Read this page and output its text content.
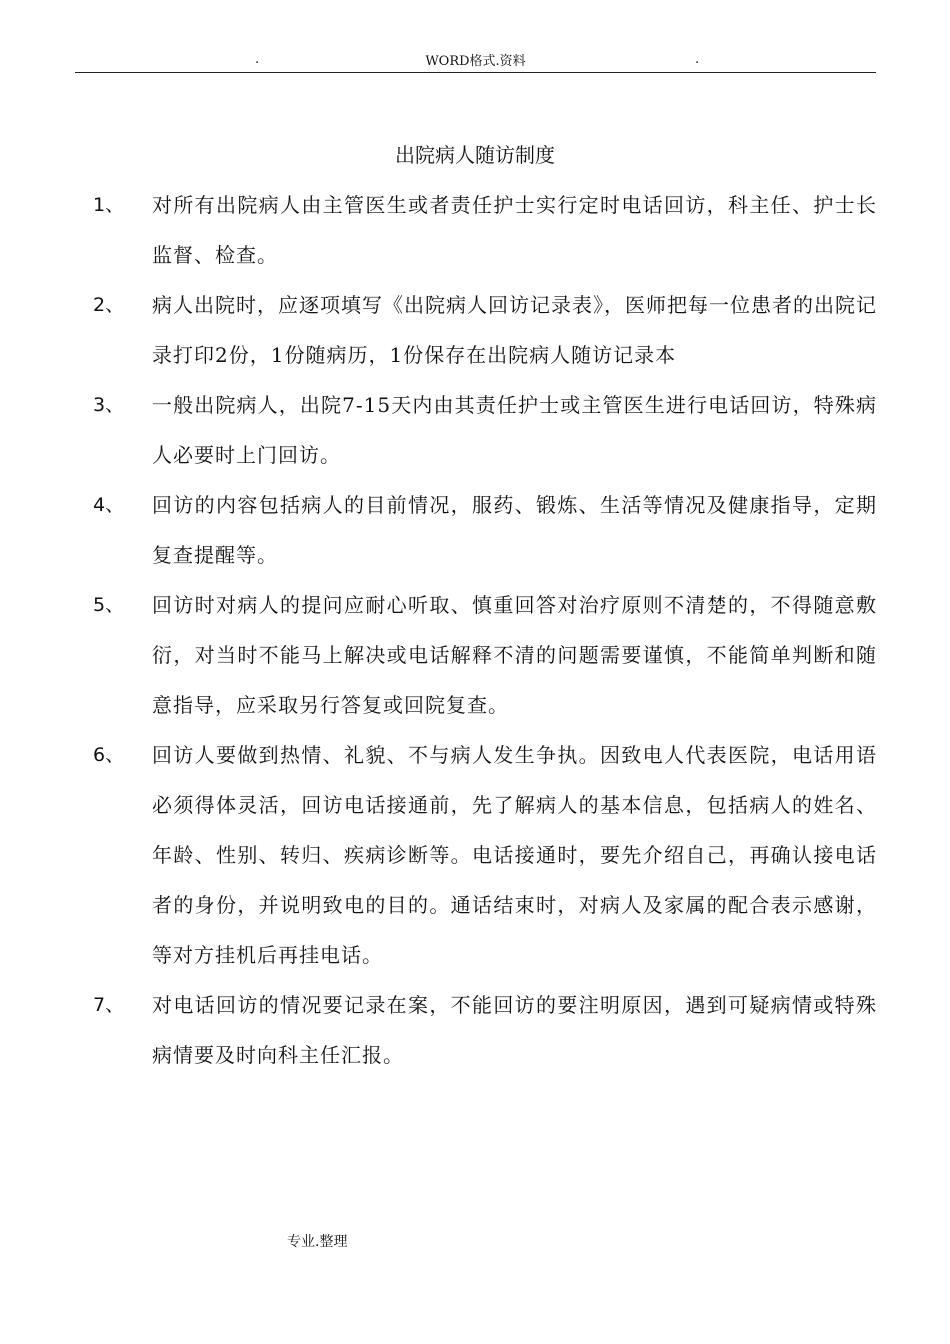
.	WORD格式.资料	.
出院病人随访制度
1、 对所有出院病人由主管医生或者责任护士实行定时电话回访，科主任、护士长监督、检查。
2、 病人出院时，应逐项填写《出院病人回访记录表》，医师把每一位患者的出院记录打印2份，1份随病历，1份保存在出院病人随访记录本
3、 一般出院病人，出院7-15天内由其责任护士或主管医生进行电话回访，特殊病人必要时上门回访。
4、 回访的内容包括病人的目前情况，服药、锻炼、生活等情况及健康指导，定期复查提醒等。
5、 回访时对病人的提问应耐心听取、慎重回答对治疗原则不清楚的，不得随意敷衍，对当时不能马上解决或电话解释不清的问题需要谨慎，不能简单判断和随意指导，应采取另行答复或回院复查。
6、 回访人要做到热情、礼貌、不与病人发生争执。因致电人代表医院，电话用语必须得体灵活，回访电话接通前，先了解病人的基本信息，包括病人的姓名、年龄、性别、转归、疾病诊断等。电话接通时，要先介绍自己，再确认接电话者的身份，并说明致电的目的。通话结束时，对病人及家属的配合表示感谢，等对方挂机后再挂电话。
7、 对电话回访的情况要记录在案，不能回访的要注明原因，遇到可疑病情或特殊病情要及时向科主任汇报。
专业.整理
